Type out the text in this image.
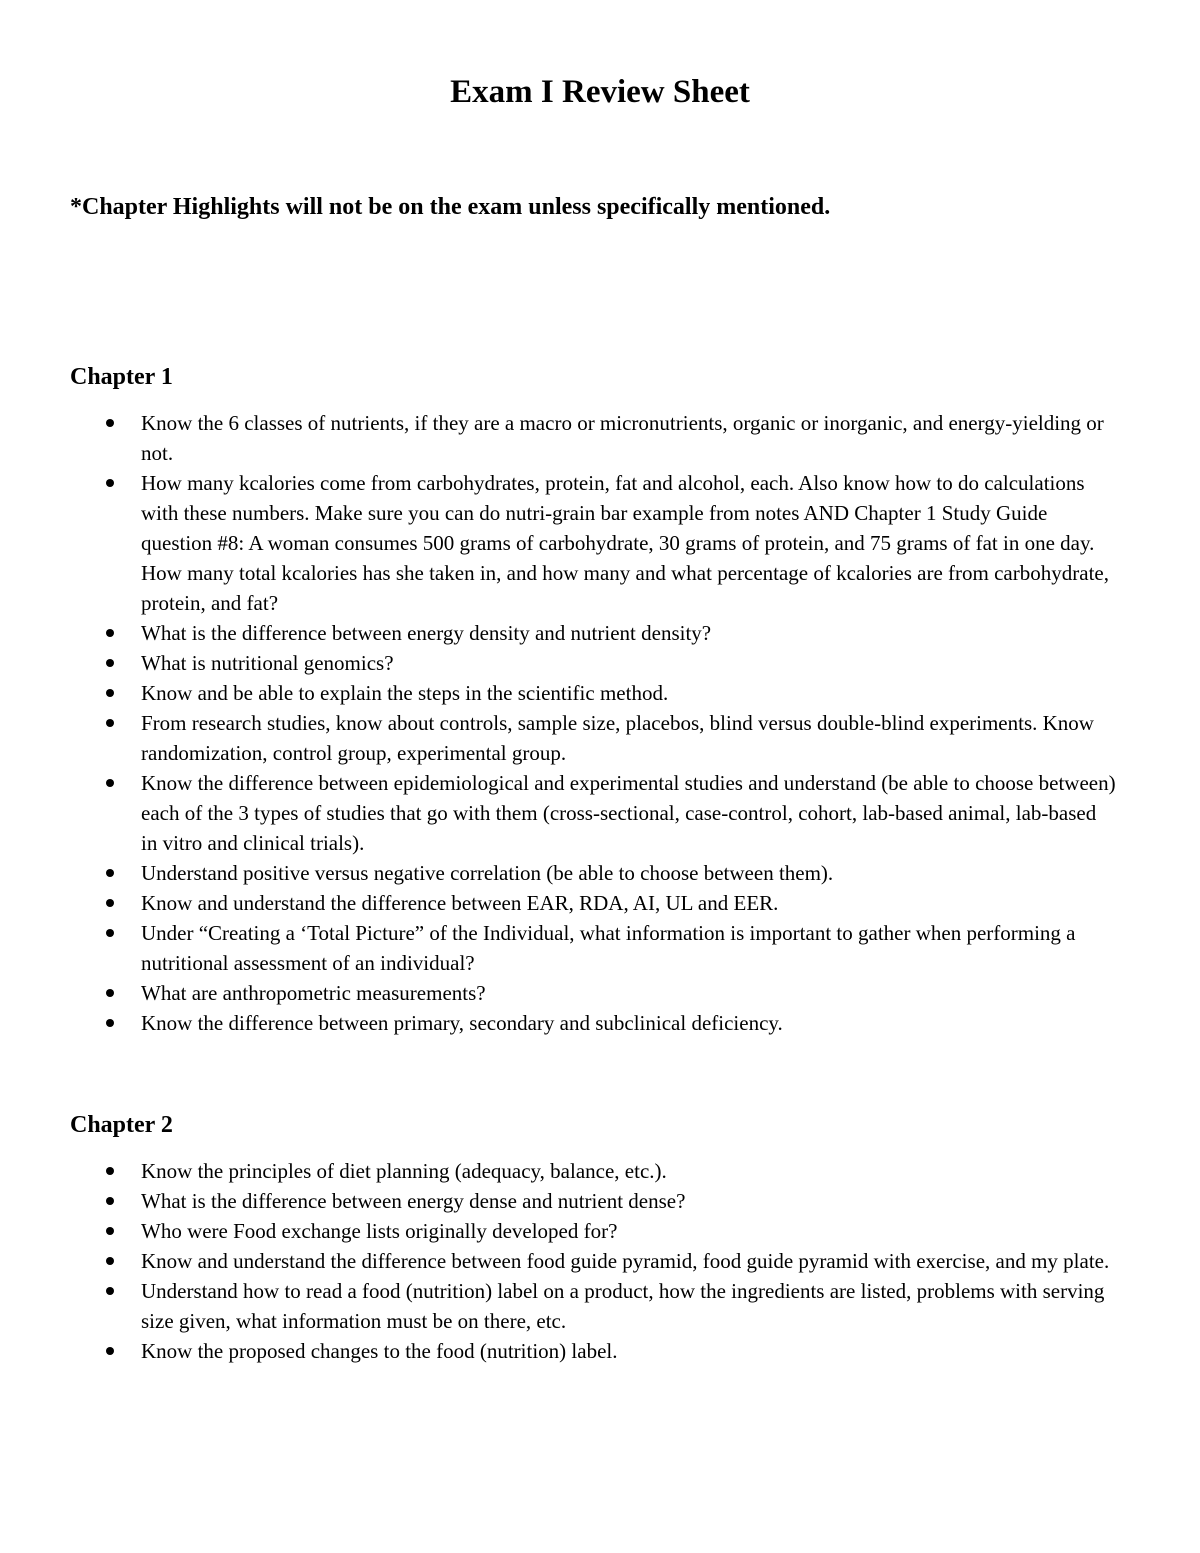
Exam I Review Sheet

*Chapter Highlights will not be on the exam unless specifically mentioned.

Chapter 1
Know the 6 classes of nutrients, if they are a macro or micronutrients, organic or inorganic, and energy-yielding or not.
How many kcalories come from carbohydrates, protein, fat and alcohol, each. Also know how to do calculations with these numbers. Make sure you can do nutri-grain bar example from notes AND Chapter 1 Study Guide question #8: A woman consumes 500 grams of carbohydrate, 30 grams of protein, and 75 grams of fat in one day. How many total kcalories has she taken in, and how many and what percentage of kcalories are from carbohydrate, protein, and fat?
What is the difference between energy density and nutrient density?
What is nutritional genomics?
Know and be able to explain the steps in the scientific method.
From research studies, know about controls, sample size, placebos, blind versus double-blind experiments. Know randomization, control group, experimental group.
Know the difference between epidemiological and experimental studies and understand (be able to choose between) each of the 3 types of studies that go with them (cross-sectional, case-control, cohort, lab-based animal, lab-based in vitro and clinical trials).
Understand positive versus negative correlation (be able to choose between them).
Know and understand the difference between EAR, RDA, AI, UL and EER.
Under “Creating a ‘Total Picture” of the Individual, what information is important to gather when performing a nutritional assessment of an individual?
What are anthropometric measurements?
Know the difference between primary, secondary and subclinical deficiency.
Chapter 2
Know the principles of diet planning (adequacy, balance, etc.).
What is the difference between energy dense and nutrient dense?
Who were Food exchange lists originally developed for?
Know and understand the difference between food guide pyramid, food guide pyramid with exercise, and my plate.
Understand how to read a food (nutrition) label on a product, how the ingredients are listed, problems with serving size given, what information must be on there, etc.
Know the proposed changes to the food (nutrition) label.
